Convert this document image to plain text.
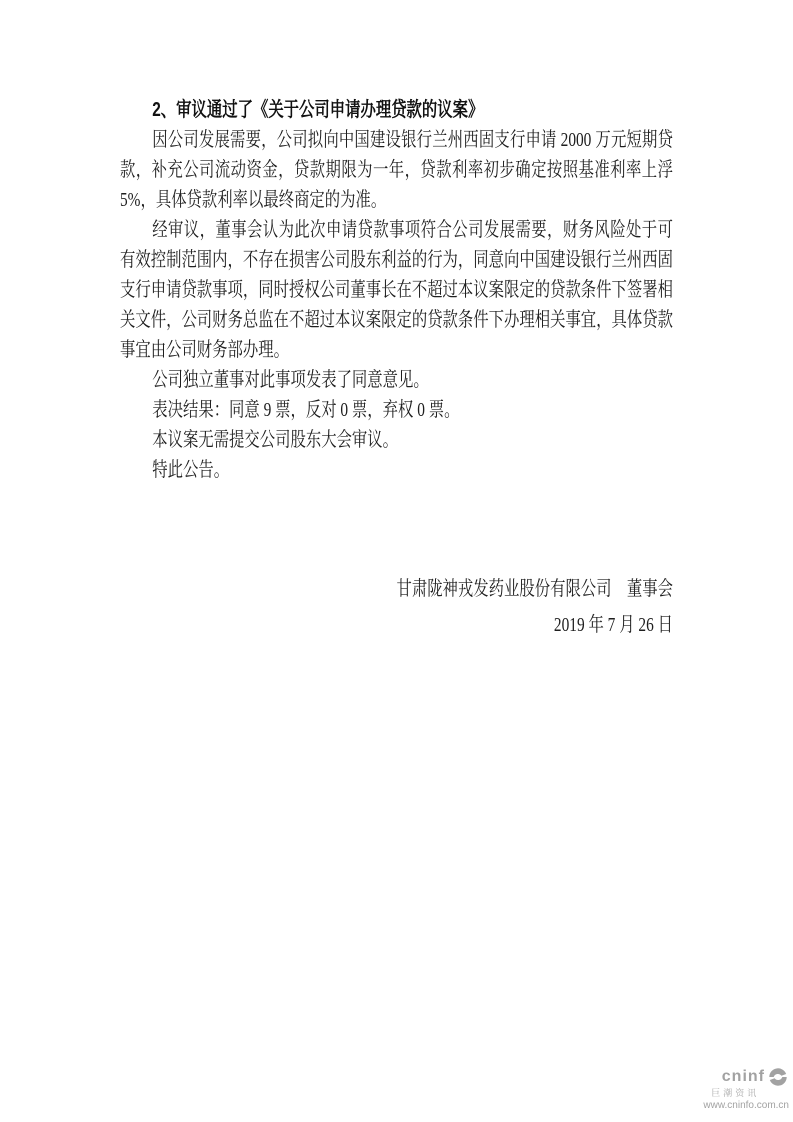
2、审议通过了《关于公司申请办理贷款的议案》

因公司发展需要，公司拟向中国建设银行兰州西固支行申请 2000 万元短期贷款，补充公司流动资金，贷款期限为一年，贷款利率初步确定按照基准利率上浮 5%，具体贷款利率以最终商定的为准。

经审议，董事会认为此次申请贷款事项符合公司发展需要，财务风险处于可有效控制范围内，不存在损害公司股东利益的行为，同意向中国建设银行兰州西固支行申请贷款事项，同时授权公司董事长在不超过本议案限定的贷款条件下签署相关文件，公司财务总监在不超过本议案限定的贷款条件下办理相关事宜，具体贷款事宜由公司财务部办理。

公司独立董事对此事项发表了同意意见。

表决结果：同意 9 票，反对 0 票，弃权 0 票。

本议案无需提交公司股东大会审议。

特此公告。

甘肃陇神戎发药业股份有限公司　董事会

2019 年 7 月 26 日

cninf
巨潮资讯
www.cninfo.com.cn
